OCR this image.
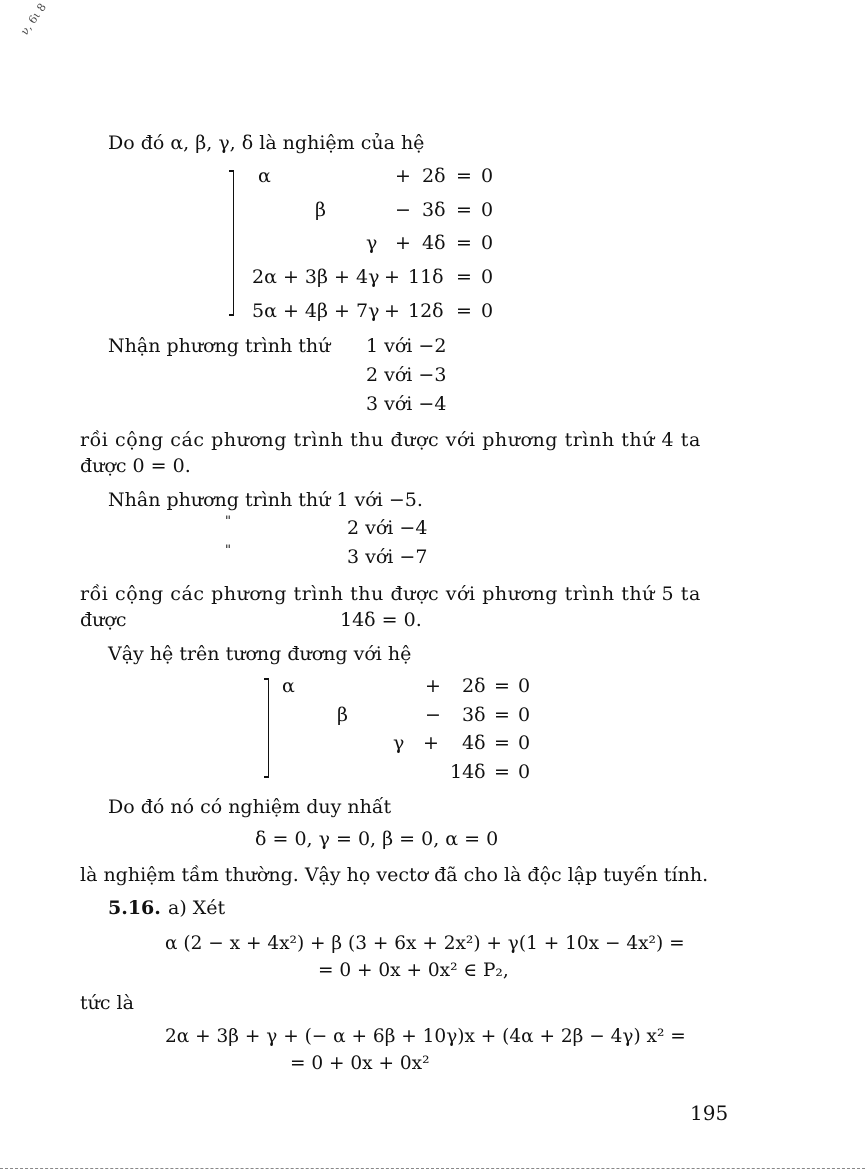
ν, 6ι 8
Do đó α, β, γ, δ là nghiệm của hệ
α	+ 2δ = 0
β	− 3δ = 0
γ + 4δ = 0
2α + 3β + 4γ + 11δ = 0
5α + 4β + 7γ + 12δ = 0
Nhận phương trình thứ 1 với −2
2 với −3
3 với −4
rồi cộng các phương trình thu được với phương trình thứ 4 ta
được 0 = 0.
Nhân phương trình thứ 1 với −5.
"	2 với −4
"	3 với −7
rồi cộng các phương trình thu được với phương trình thứ 5 ta
được	14δ = 0.
Vậy hệ trên tương đương với hệ
α	+ 2δ = 0
β	− 3δ = 0
γ + 4δ = 0
14δ = 0
Do đó nó có nghiệm duy nhất
δ = 0, γ = 0, β = 0, α = 0
là nghiệm tầm thường. Vậy họ vectơ đã cho là độc lập tuyến tính.
5.16. a) Xét
α (2 − x + 4x²) + β (3 + 6x + 2x²) + γ(1 + 10x − 4x²) =
= 0 + 0x + 0x² ∈ P₂,
tức là
2α + 3β + γ + (− α + 6β + 10γ)x + (4α + 2β − 4γ) x² =
= 0 + 0x + 0x²
195
